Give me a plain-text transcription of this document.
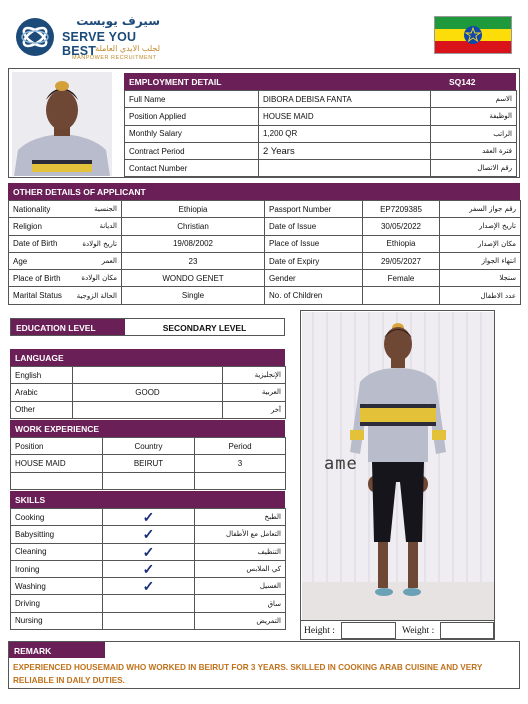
سيرف يوبست
SERVE YOU BEST لجلب الايدي العاملة
MANPOWER RECRUITMENT
EMPLOYMENT DETAIL	SQ142
Full Name	DIBORA DEBISA FANTA	الاسم
Position Applied	HOUSE MAID	الوظيفة
Monthly Salary	1,200 QR	الراتب
Contract Period	2 Years	فترة العقد
Contact Number		رقم الاتصال
OTHER DETAILS OF APPLICANT
Nationality	الجنسية	Ethiopia	Passport Number	EP7209385	رقم جواز السفر
Religion	الديانة	Christian	Date of Issue	30/05/2022	تاريخ الإصدار
Date of Birth	تاريخ الولادة	19/08/2002	Place of Issue	Ethiopia	مكان الإصدار
Age	العمر	23	Date of Expiry	29/05/2027	انتهاء الجواز
Place of Birth	مكان الولادة	WONDO GENET	Gender	Female	سنجلا
Marital Status	الحالة الزوجية	Single	No. of Children		عدد الاطفال
EDUCATION LEVEL	SECONDARY LEVEL
LANGUAGE
English		الإنجليزية
Arabic	GOOD	العربية
Other		آخر
WORK EXPERIENCE
Position	Country	Period
HOUSE MAID	BEIRUT	3

SKILLS
Cooking	✓	الطبخ
Babysitting	✓	التعامل مع الأطفال
Cleaning	✓	التنظيف
Ironing	✓	كي الملابس
Washing	✓	الغسيل
Driving		ساق
Nursing		التمريض
ame
Height :	Weight :
REMARK
EXPERIENCED HOUSEMAID WHO WORKED IN BEIRUT FOR 3 YEARS. SKILLED IN COOKING ARAB CUISINE AND VERY RELIABLE IN DAILY DUTIES.
